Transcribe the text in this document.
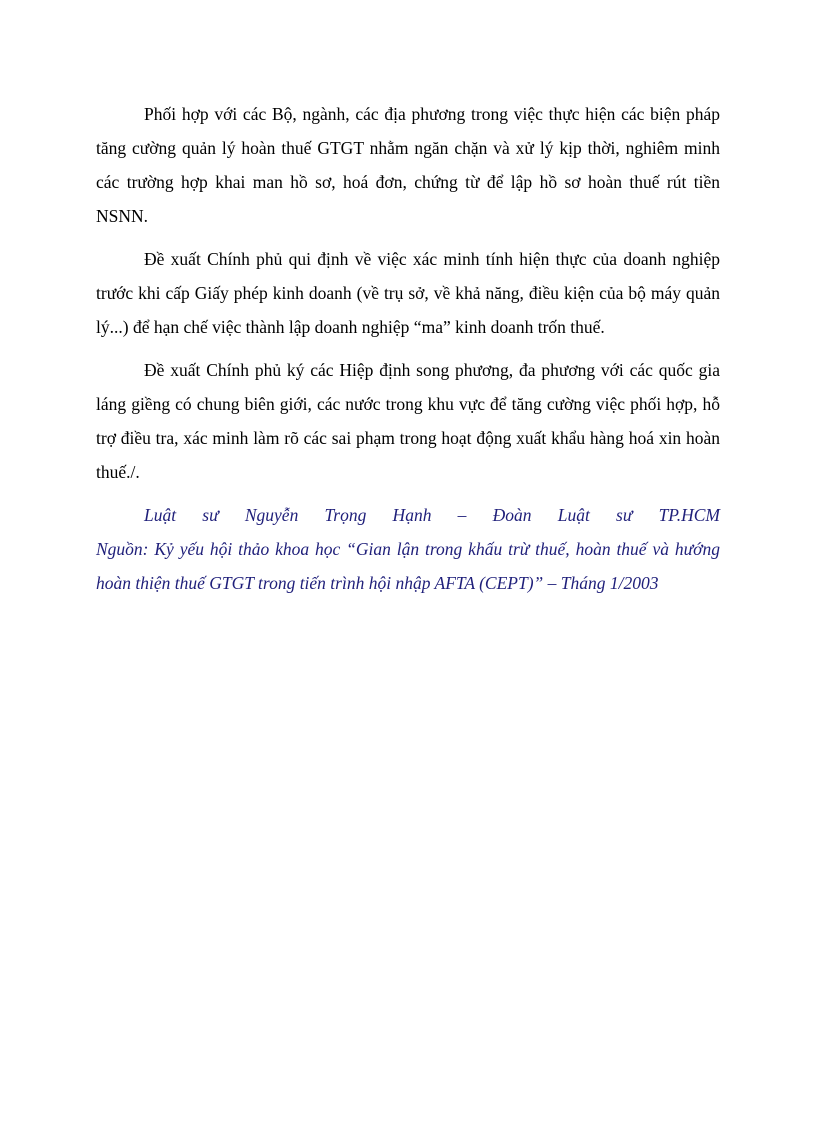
Phối hợp với các Bộ, ngành, các địa phương trong việc thực hiện các biện pháp tăng cường quản lý hoàn thuế GTGT nhằm ngăn chặn và xử lý kịp thời, nghiêm minh các trường hợp khai man hồ sơ, hoá đơn, chứng từ để lập hồ sơ hoàn thuế rút tiền NSNN.

Đề xuất Chính phủ qui định về việc xác minh tính hiện thực của doanh nghiệp trước khi cấp Giấy phép kinh doanh (về trụ sở, về khả năng, điều kiện của bộ máy quản lý...) để hạn chế việc thành lập doanh nghiệp “ma” kinh doanh trốn thuế.

Đề xuất Chính phủ ký các Hiệp định song phương, đa phương với các quốc gia láng giềng có chung biên giới, các nước trong khu vực để tăng cường việc phối hợp, hỗ trợ điều tra, xác minh làm rõ các sai phạm trong hoạt động xuất khẩu hàng hoá xin hoàn thuế./.

Luật sư Nguyễn Trọng Hạnh – Đoàn Luật sư TP.HCM
Nguồn: Kỷ yếu hội thảo khoa học “Gian lận trong khấu trừ thuế, hoàn thuế và hướng hoàn thiện thuế GTGT trong tiến trình hội nhập AFTA (CEPT)” – Tháng 1/2003
